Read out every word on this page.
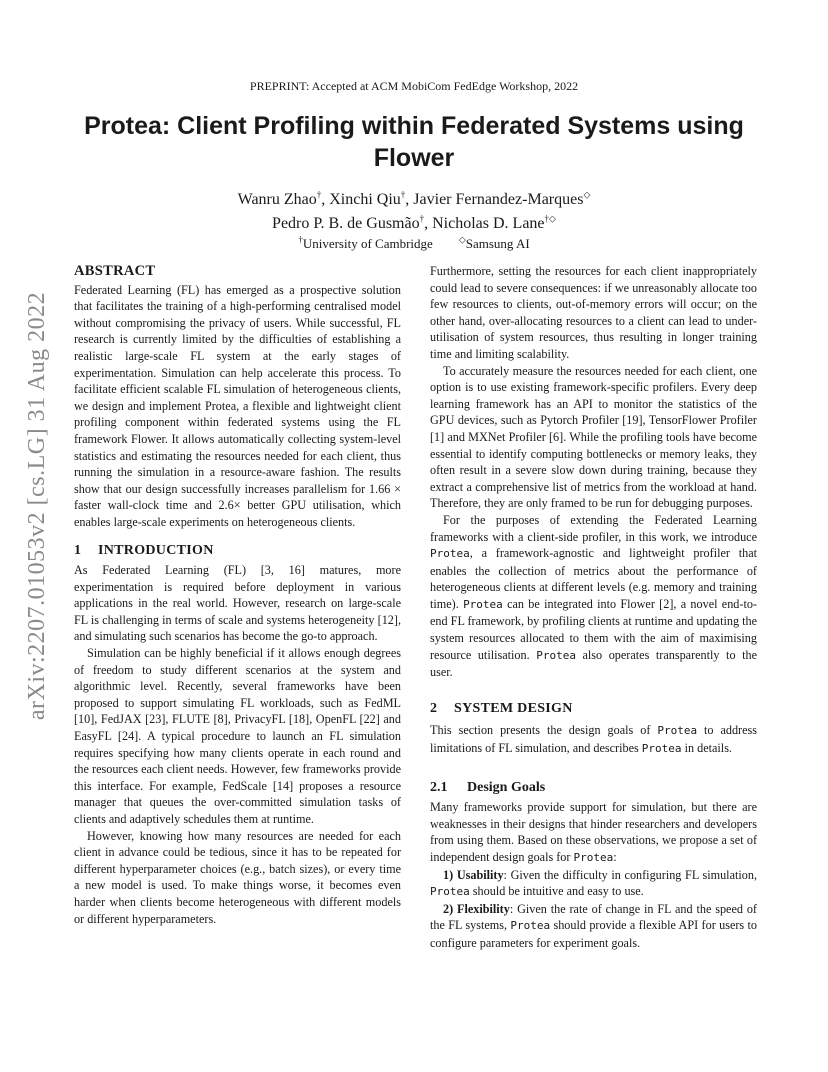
PREPRINT: Accepted at ACM MobiCom FedEdge Workshop, 2022
Protea: Client Profiling within Federated Systems using Flower
Wanru Zhao†, Xinchi Qiu†, Javier Fernandez-Marques◇
Pedro P. B. de Gusmão†, Nicholas D. Lane†◇
†University of Cambridge	◇Samsung AI
arXiv:2207.01053v2 [cs.LG] 31 Aug 2022
ABSTRACT

Federated Learning (FL) has emerged as a prospective solution that facilitates the training of a high-performing centralised model without compromising the privacy of users. While successful, FL research is currently limited by the difficulties of establishing a realistic large-scale FL system at the early stages of experimentation. Simulation can help accelerate this process. To facilitate efficient scalable FL simulation of heterogeneous clients, we design and implement Protea, a flexible and lightweight client profiling component within federated systems using the FL framework Flower. It allows automatically collecting system-level statistics and estimating the resources needed for each client, thus running the simulation in a resource-aware fashion. The results show that our design successfully increases parallelism for 1.66 × faster wall-clock time and 2.6× better GPU utilisation, which enables large-scale experiments on heterogeneous clients.

1 INTRODUCTION

As Federated Learning (FL) [3, 16] matures, more experimentation is required before deployment in various applications in the real world. However, research on large-scale FL is challenging in terms of scale and systems heterogeneity [12], and simulating such scenarios has become the go-to approach.

Simulation can be highly beneficial if it allows enough degrees of freedom to study different scenarios at the system and algorithmic level. Recently, several frameworks have been proposed to support simulating FL workloads, such as FedML [10], FedJAX [23], FLUTE [8], PrivacyFL [18], OpenFL [22] and EasyFL [24]. A typical procedure to launch an FL simulation requires specifying how many clients operate in each round and the resources each client needs. However, few frameworks provide this interface. For example, FedScale [14] proposes a resource manager that queues the over-committed simulation tasks of clients and adaptively schedules them at runtime.

However, knowing how many resources are needed for each client in advance could be tedious, since it has to be repeated for different hyperparameter choices (e.g., batch sizes), or every time a new model is used. To make things worse, it becomes even harder when clients become heterogeneous with different models or different hyperparameters.

Furthermore, setting the resources for each client inappropriately could lead to severe consequences: if we unreasonably allocate too few resources to clients, out-of-memory errors will occur; on the other hand, over-allocating resources to a client can lead to under-utilisation of system resources, thus resulting in longer training time and limiting scalability.

To accurately measure the resources needed for each client, one option is to use existing framework-specific profilers. Every deep learning framework has an API to monitor the statistics of the GPU devices, such as Pytorch Profiler [19], TensorFlower Profiler [1] and MXNet Profiler [6]. While the profiling tools have become essential to identify computing bottlenecks or memory leaks, they often result in a severe slow down during training, because they extract a comprehensive list of metrics from the workload at hand. Therefore, they are only framed to be run for debugging purposes.

For the purposes of extending the Federated Learning frameworks with a client-side profiler, in this work, we introduce Protea, a framework-agnostic and lightweight profiler that enables the collection of metrics about the performance of heterogeneous clients at different levels (e.g. memory and training time). Protea can be integrated into Flower [2], a novel end-to-end FL framework, by profiling clients at runtime and updating the system resources allocated to them with the aim of maximising resource utilisation. Protea also operates transparently to the user.

2 SYSTEM DESIGN

This section presents the design goals of Protea to address limitations of FL simulation, and describes Protea in details.

2.1 Design Goals

Many frameworks provide support for simulation, but there are weaknesses in their designs that hinder researchers and developers from using them. Based on these observations, we propose a set of independent design goals for Protea:

1) Usability: Given the difficulty in configuring FL simulation, Protea should be intuitive and easy to use.

2) Flexibility: Given the rate of change in FL and the speed of the FL systems, Protea should provide a flexible API for users to configure parameters for experiment goals.
